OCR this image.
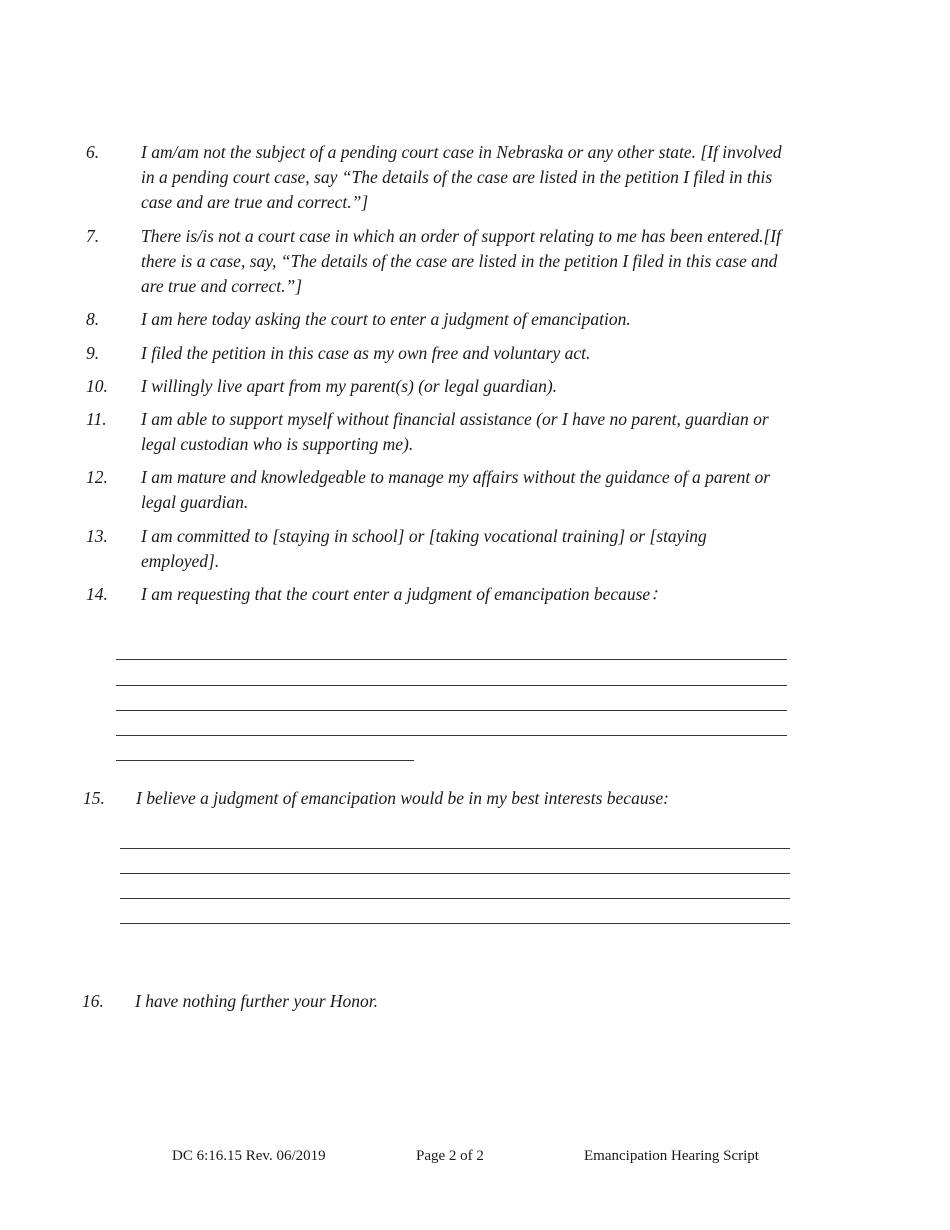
6. I am/am not the subject of a pending court case in Nebraska or any other state. [If involved
in a pending court case, say “The details of the case are listed in the petition I filed in this
case and are true and correct.”]
7. There is/is not a court case in which an order of support relating to me has been entered.[If
there is a case, say, “The details of the case are listed in the petition I filed in this case and
are true and correct.”]
8. I am here today asking the court to enter a judgment of emancipation.
9. I filed the petition in this case as my own free and voluntary act.
10. I willingly live apart from my parent(s) (or legal guardian).
11. I am able to support myself without financial assistance (or I have no parent, guardian or
legal custodian who is supporting me).
12. I am mature and knowledgeable to manage my affairs without the guidance of a parent or
legal guardian.
13. I am committed to [staying in school] or [taking vocational training] or [staying
employed].
14. I am requesting that the court enter a judgment of emancipation because：
15. I believe a judgment of emancipation would be in my best interests because:
16. I have nothing further your Honor.
DC 6:16.15 Rev. 06/2019	Page 2 of 2	Emancipation Hearing Script
